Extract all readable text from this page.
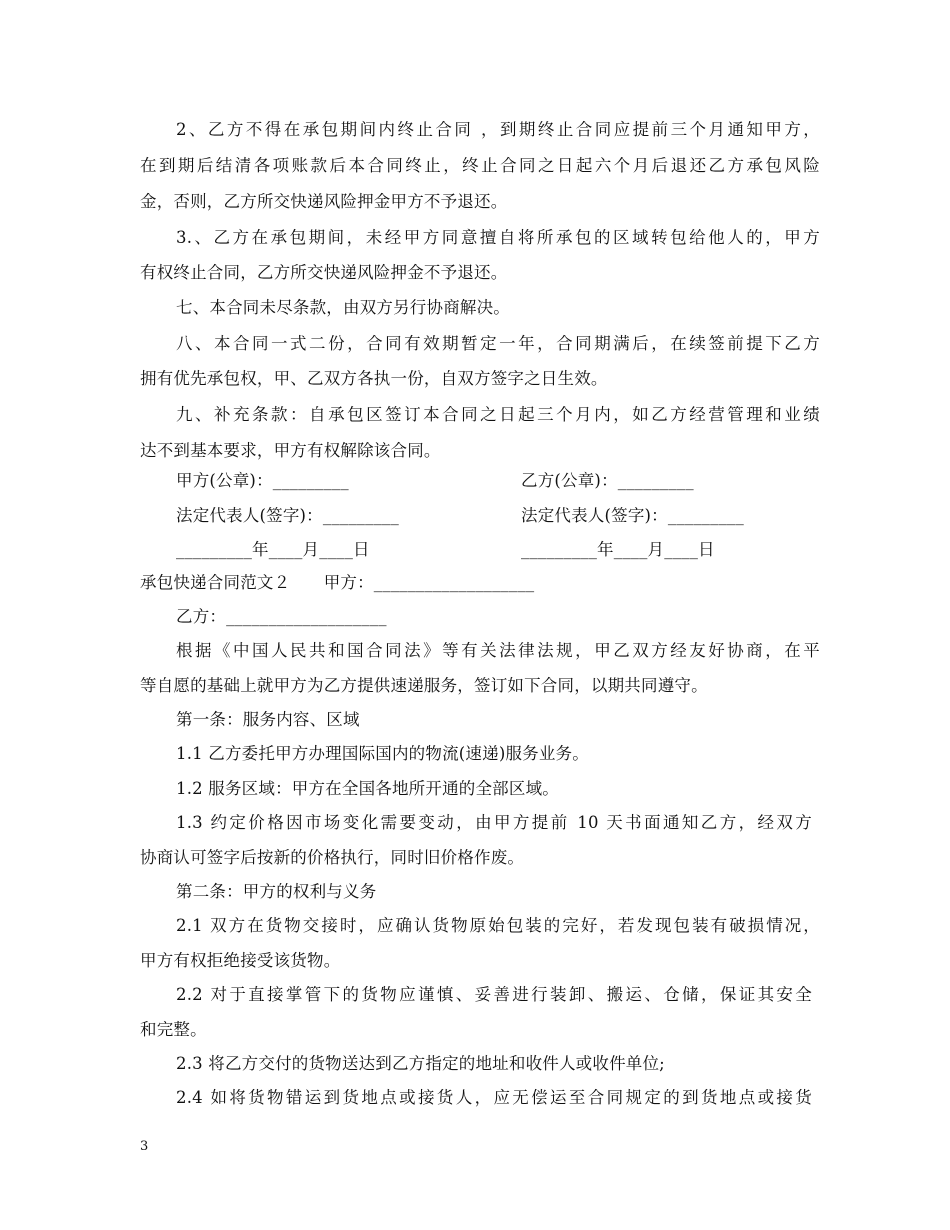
2、乙方不得在承包期间内终止合同 ，到期终止合同应提前三个月通知甲方，
在到期后结清各项账款后本合同终止，终止合同之日起六个月后退还乙方承包风险
金，否则，乙方所交快递风险押金甲方不予退还。
3.、乙方在承包期间，未经甲方同意擅自将所承包的区域转包给他人的，甲方
有权终止合同，乙方所交快递风险押金不予退还。
七、本合同未尽条款，由双方另行协商解决。
八、本合同一式二份，合同有效期暂定一年，合同期满后，在续签前提下乙方
拥有优先承包权，甲、乙双方各执一份，自双方签字之日生效。
九、补充条款：自承包区签订本合同之日起三个月内，如乙方经营管理和业绩
达不到基本要求，甲方有权解除该合同。
甲方(公章)：_________	乙方(公章)：_________
法定代表人(签字)：_________	法定代表人(签字)：_________
_________年____月____日	_________年____月____日
承包快递合同范文２　　甲方：___________________
乙方：___________________
根据《中国人民共和国合同法》等有关法律法规，甲乙双方经友好协商，在平
等自愿的基础上就甲方为乙方提供速递服务，签订如下合同，以期共同遵守。
第一条：服务内容、区域
1.1 乙方委托甲方办理国际国内的物流(速递)服务业务。
1.2 服务区域：甲方在全国各地所开通的全部区域。
1.3 约定价格因市场变化需要变动，由甲方提前 10 天书面通知乙方，经双方
协商认可签字后按新的价格执行，同时旧价格作废。
第二条：甲方的权利与义务
2.1 双方在货物交接时，应确认货物原始包装的完好，若发现包装有破损情况，
甲方有权拒绝接受该货物。
2.2 对于直接掌管下的货物应谨慎、妥善进行装卸、搬运、仓储，保证其安全
和完整。
2.3 将乙方交付的货物送达到乙方指定的地址和收件人或收件单位;
2.4 如将货物错运到货地点或接货人，应无偿运至合同规定的到货地点或接货
3
